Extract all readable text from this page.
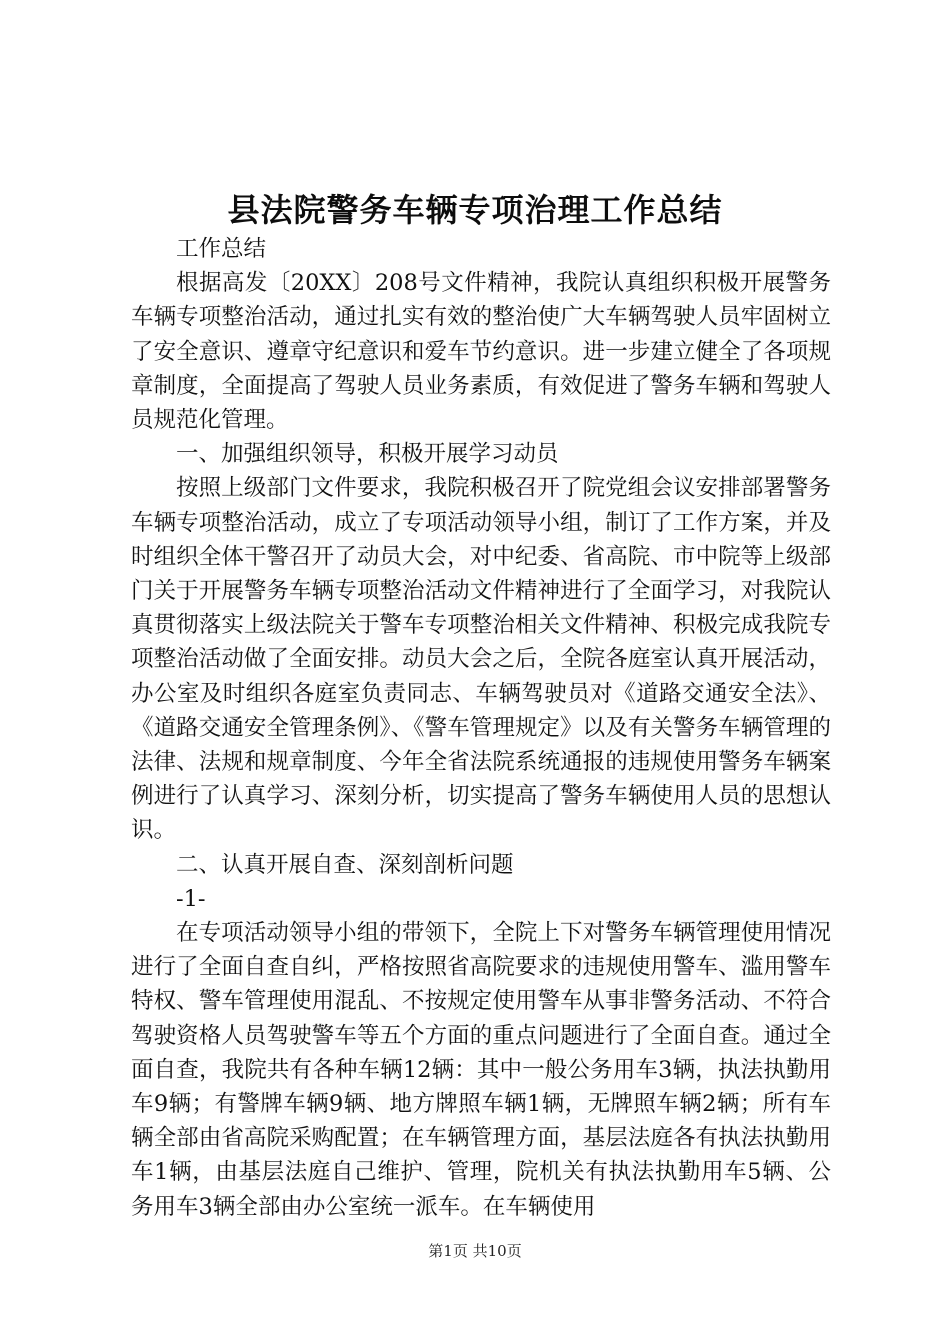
县法院警务车辆专项治理工作总结

工作总结

根据高发〔20XX〕208号文件精神，我院认真组织积极开展警务车辆专项整治活动，通过扎实有效的整治使广大车辆驾驶人员牢固树立了安全意识、遵章守纪意识和爱车节约意识。进一步建立健全了各项规章制度，全面提高了驾驶人员业务素质，有效促进了警务车辆和驾驶人员规范化管理。

一、加强组织领导，积极开展学习动员

按照上级部门文件要求，我院积极召开了院党组会议安排部署警务车辆专项整治活动，成立了专项活动领导小组，制订了工作方案，并及时组织全体干警召开了动员大会，对中纪委、省高院、市中院等上级部门关于开展警务车辆专项整治活动文件精神进行了全面学习，对我院认真贯彻落实上级法院关于警车专项整治相关文件精神、积极完成我院专项整治活动做了全面安排。动员大会之后，全院各庭室认真开展活动，办公室及时组织各庭室负责同志、车辆驾驶员对《道路交通安全法》、《道路交通安全管理条例》、《警车管理规定》以及有关警务车辆管理的法律、法规和规章制度、今年全省法院系统通报的违规使用警务车辆案例进行了认真学习、深刻分析，切实提高了警务车辆使用人员的思想认识。

二、认真开展自查、深刻剖析问题

-1-

在专项活动领导小组的带领下，全院上下对警务车辆管理使用情况进行了全面自查自纠，严格按照省高院要求的违规使用警车、滥用警车特权、警车管理使用混乱、不按规定使用警车从事非警务活动、不符合驾驶资格人员驾驶警车等五个方面的重点问题进行了全面自查。通过全面自查，我院共有各种车辆12辆：其中一般公务用车3辆，执法执勤用车9辆；有警牌车辆9辆、地方牌照车辆1辆，无牌照车辆2辆；所有车辆全部由省高院采购配置；在车辆管理方面，基层法庭各有执法执勤用车1辆，由基层法庭自己维护、管理，院机关有执法执勤用车5辆、公务用车3辆全部由办公室统一派车。在车辆使用

第1页 共10页
